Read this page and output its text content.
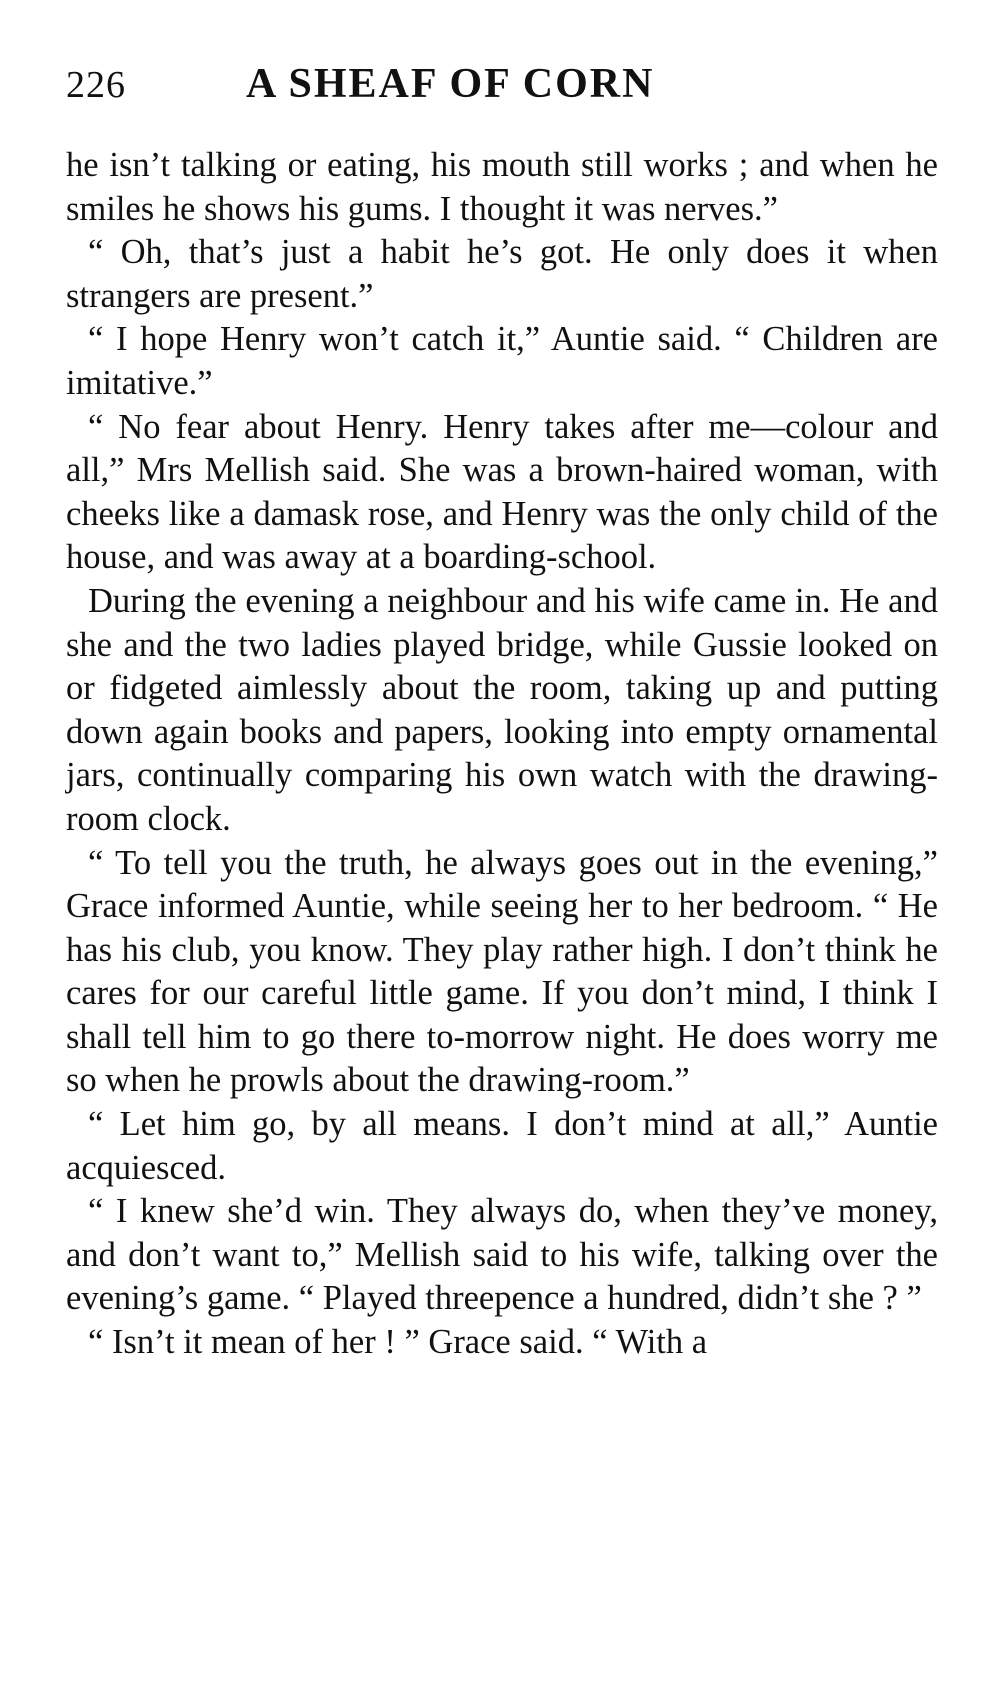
226	A SHEAF OF CORN

he isn’t talking or eating, his mouth still works ; and when he smiles he shows his gums. I thought it was nerves.”

“ Oh, that’s just a habit he’s got. He only does it when strangers are present.”

“ I hope Henry won’t catch it,” Auntie said. “ Children are imitative.”

“ No fear about Henry. Henry takes after me—colour and all,” Mrs Mellish said. She was a brown-haired woman, with cheeks like a damask rose, and Henry was the only child of the house, and was away at a boarding-school.

During the evening a neighbour and his wife came in. He and she and the two ladies played bridge, while Gussie looked on or fidgeted aimlessly about the room, taking up and putting down again books and papers, looking into empty ornamental jars, continually comparing his own watch with the drawing-room clock.

“ To tell you the truth, he always goes out in the evening,” Grace informed Auntie, while seeing her to her bedroom. “ He has his club, you know. They play rather high. I don’t think he cares for our careful little game. If you don’t mind, I think I shall tell him to go there to-morrow night. He does worry me so when he prowls about the drawing-room.”

“ Let him go, by all means. I don’t mind at all,” Auntie acquiesced.

“ I knew she’d win. They always do, when they’ve money, and don’t want to,” Mellish said to his wife, talking over the evening’s game. “ Played threepence a hundred, didn’t she ? ”

“ Isn’t it mean of her ! ” Grace said. “ With a
